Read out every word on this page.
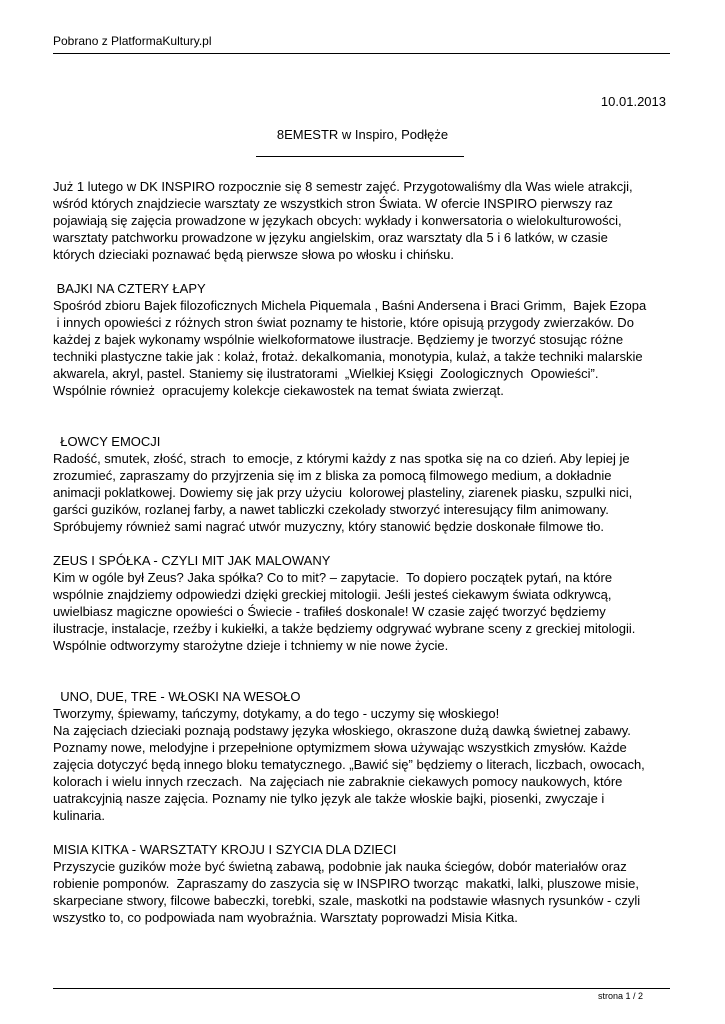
Pobrano z PlatformaKultury.pl
10.01.2013
8EMESTR w Inspiro, Podłęże

Już 1 lutego w DK INSPIRO rozpocznie się 8 semestr zajęć. Przygotowaliśmy dla Was wiele atrakcji,

wśród których znajdziecie warsztaty ze wszystkich stron Świata. W ofercie INSPIRO pierwszy raz

pojawiają się zajęcia prowadzone w językach obcych: wykłady i konwersatoria o wielokulturowości,

warsztaty patchworku prowadzone w języku angielskim, oraz warsztaty dla 5 i 6 latków, w czasie

których dzieciaki poznawać będą pierwsze słowa po włosku i chińsku.

BAJKI NA CZTERY ŁAPY

Spośród zbioru Bajek filozoficznych Michela Piquemala , Baśni Andersena i Braci Grimm,  Bajek Ezopa

i innych opowieści z różnych stron świat poznamy te historie, które opisują przygody zwierzaków. Do

każdej z bajek wykonamy wspólnie wielkoformatowe ilustracje. Będziemy je tworzyć stosując różne

techniki plastyczne takie jak : kolaż, frotaż. dekalkomania, monotypia, kulaż, a także techniki malarskie

akwarela, akryl, pastel. Staniemy się ilustratorami  „Wielkiej Księgi  Zoologicznych  Opowieści”.

Wspólnie również  opracujemy kolekcje ciekawostek na temat świata zwierząt.

ŁOWCY EMOCJI

Radość, smutek, złość, strach  to emocje, z którymi każdy z nas spotka się na co dzień. Aby lepiej je

zrozumieć, zapraszamy do przyjrzenia się im z bliska za pomocą filmowego medium, a dokładnie

animacji poklatkowej. Dowiemy się jak przy użyciu  kolorowej plasteliny, ziarenek piasku, szpulki nici,

garści guzików, rozlanej farby, a nawet tabliczki czekolady stworzyć interesujący film animowany.

Spróbujemy również sami nagrać utwór muzyczny, który stanowić będzie doskonałe filmowe tło.

ZEUS I SPÓŁKA - CZYLI MIT JAK MALOWANY

Kim w ogóle był Zeus? Jaka spółka? Co to mit? – zapytacie.  To dopiero początek pytań, na które

wspólnie znajdziemy odpowiedzi dzięki greckiej mitologii. Jeśli jesteś ciekawym świata odkrywcą,

uwielbiasz magiczne opowieści o Świecie - trafiłeś doskonale! W czasie zajęć tworzyć będziemy

ilustracje, instalacje, rzeźby i kukiełki, a także będziemy odgrywać wybrane sceny z greckiej mitologii.

Wspólnie odtworzymy starożytne dzieje i tchniemy w nie nowe życie.

UNO, DUE, TRE - WŁOSKI NA WESOŁO

Tworzymy, śpiewamy, tańczymy, dotykamy, a do tego - uczymy się włoskiego!

Na zajęciach dzieciaki poznają podstawy języka włoskiego, okraszone dużą dawką świetnej zabawy.

Poznamy nowe, melodyjne i przepełnione optymizmem słowa używając wszystkich zmysłów. Każde

zajęcia dotyczyć będą innego bloku tematycznego. „Bawić się” będziemy o literach, liczbach, owocach,

kolorach i wielu innych rzeczach.  Na zajęciach nie zabraknie ciekawych pomocy naukowych, które

uatrakcyjnią nasze zajęcia. Poznamy nie tylko język ale także włoskie bajki, piosenki, zwyczaje i

kulinaria.

MISIA KITKA - WARSZTATY KROJU I SZYCIA DLA DZIECI

Przyszycie guzików może być świetną zabawą, podobnie jak nauka ściegów, dobór materiałów oraz

robienie pomponów.  Zapraszamy do zaszycia się w INSPIRO tworząc  makatki, lalki, pluszowe misie,

skarpeciane stwory, filcowe babeczki, torebki, szale, maskotki na podstawie własnych rysunków - czyli

wszystko to, co podpowiada nam wyobraźnia. Warsztaty poprowadzi Misia Kitka.

strona 1 / 2
